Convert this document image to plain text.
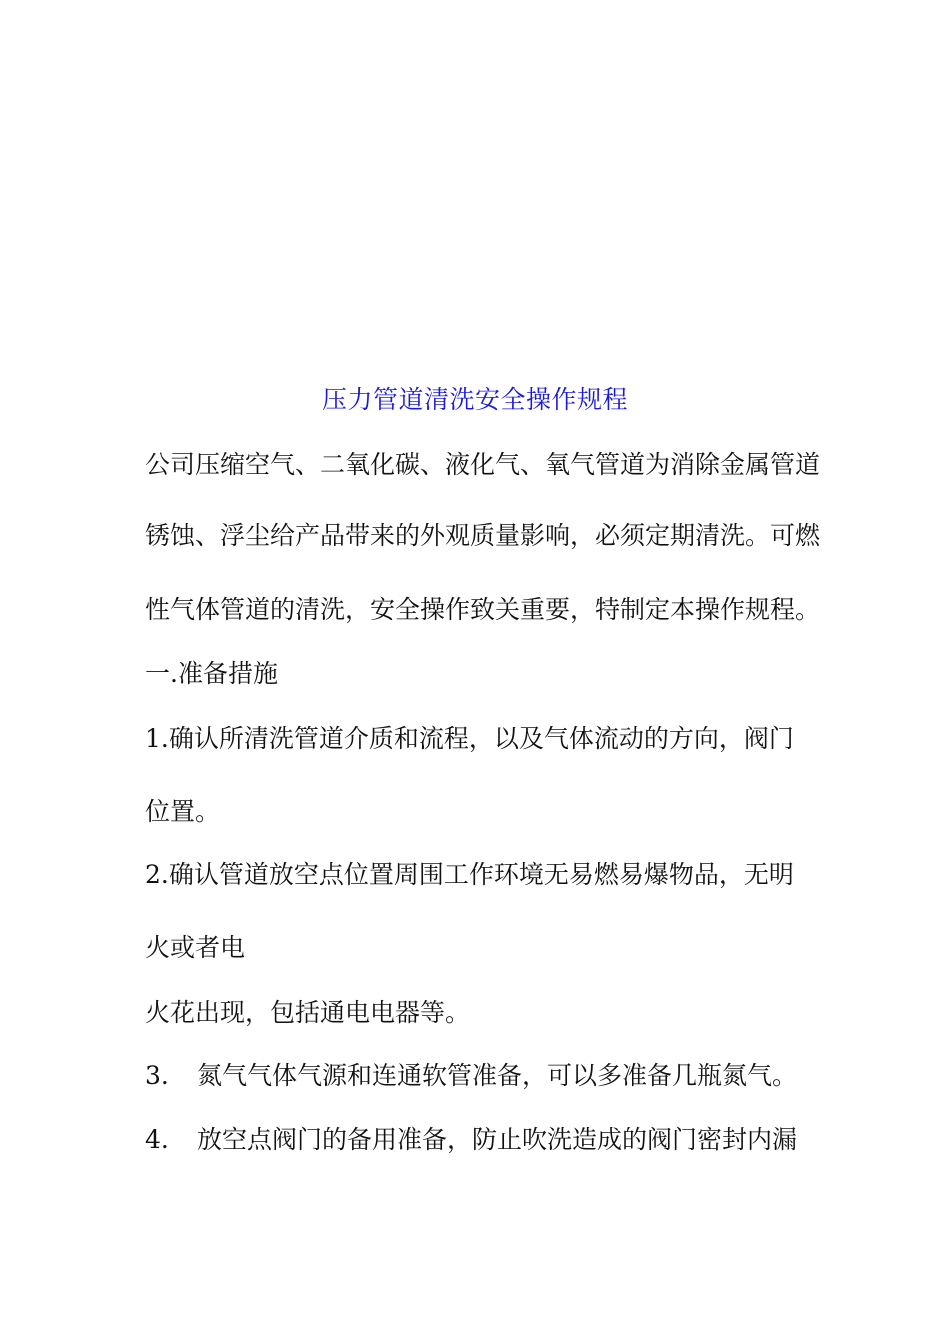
压力管道清洗安全操作规程

公司压缩空气、二氧化碳、液化气、氧气管道为消除金属管道

锈蚀、浮尘给产品带来的外观质量影响，必须定期清洗。可燃

性气体管道的清洗，安全操作致关重要，特制定本操作规程。

一.准备措施

1.确认所清洗管道介质和流程，以及气体流动的方向，阀门

位置。

2.确认管道放空点位置周围工作环境无易燃易爆物品，无明

火或者电

火花出现，包括通电电器等。

3. 氮气气体气源和连通软管准备，可以多准备几瓶氮气。

4. 放空点阀门的备用准备，防止吹洗造成的阀门密封内漏
